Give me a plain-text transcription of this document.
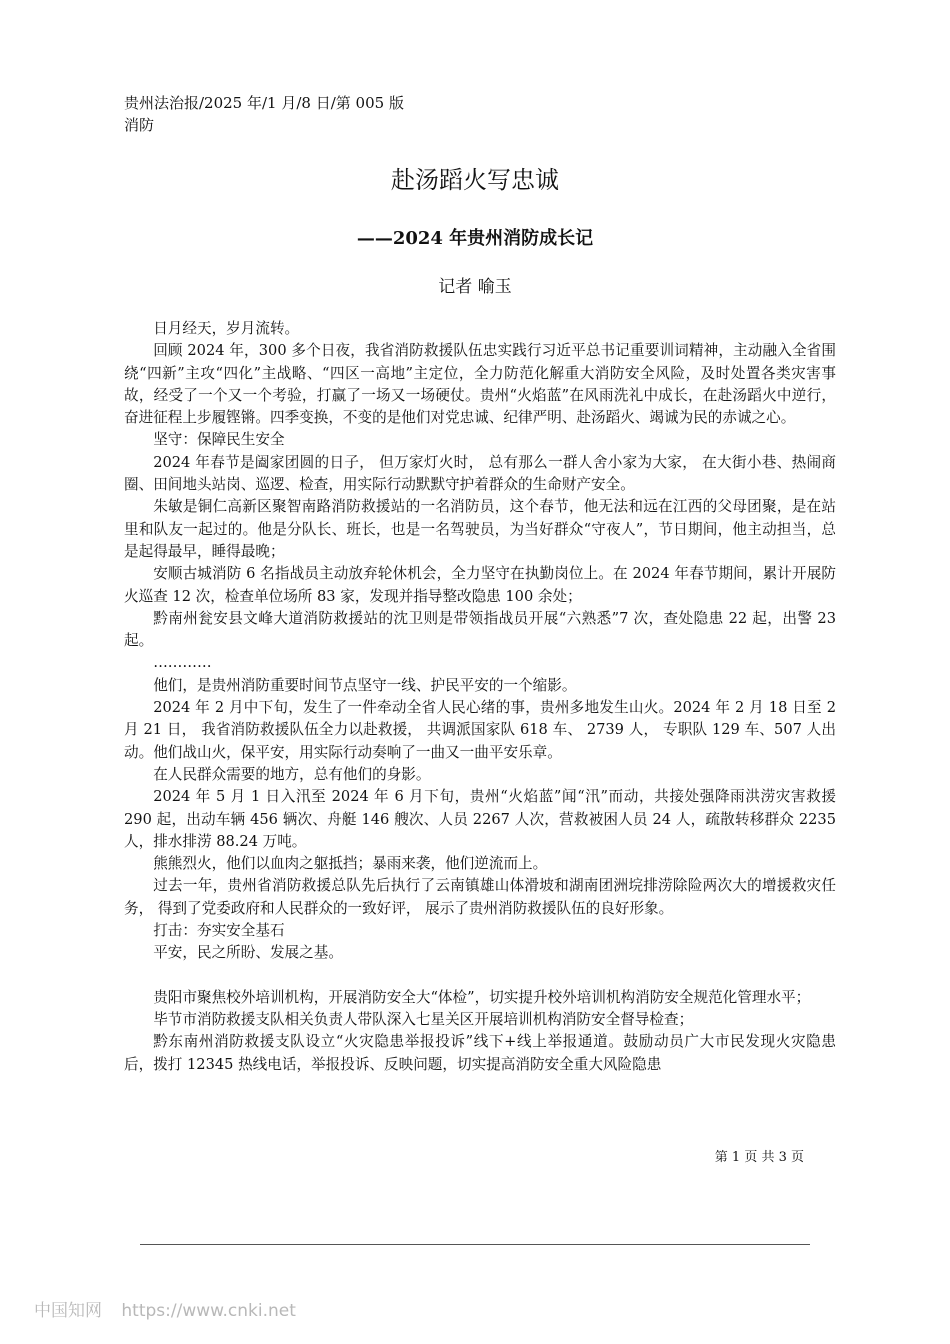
贵州法治报/2025 年/1 月/8 日/第 005 版消防
赴汤蹈火写忠诚
——2024 年贵州消防成长记
记者 喻玉

日月经天，岁月流转。

回顾 2024 年，300 多个日夜，我省消防救援队伍忠实践行习近平总书记重要训词精神，主动融入全省围绕“四新”主攻“四化”主战略、“四区一高地”主定位，全力防范化解重大消防安全风险，及时处置各类灾害事故，经受了一个又一个考验，打赢了一场又一场硬仗。贵州“火焰蓝”在风雨洗礼中成长，在赴汤蹈火中逆行，奋进征程上步履铿锵。四季变换，不变的是他们对党忠诚、纪律严明、赴汤蹈火、竭诚为民的赤诚之心。

坚守：保障民生安全

2024 年春节是阖家团圆的日子， 但万家灯火时， 总有那么一群人舍小家为大家， 在大街小巷、热闹商圈、田间地头站岗、巡逻、检查，用实际行动默默守护着群众的生命财产安全。

朱敏是铜仁高新区聚智南路消防救援站的一名消防员，这个春节，他无法和远在江西的父母团聚，是在站里和队友一起过的。他是分队长、班长，也是一名驾驶员，为当好群众“守夜人”，节日期间，他主动担当，总是起得最早，睡得最晚；

安顺古城消防 6 名指战员主动放弃轮休机会，全力坚守在执勤岗位上。在 2024 年春节期间，累计开展防火巡查 12 次，检查单位场所 83 家，发现并指导整改隐患 100 余处；

黔南州瓮安县文峰大道消防救援站的沈卫则是带领指战员开展“六熟悉”7 次，查处隐患 22 起，出警 23 起。

…………

他们，是贵州消防重要时间节点坚守一线、护民平安的一个缩影。

2024 年 2 月中下旬，发生了一件牵动全省人民心绪的事，贵州多地发生山火。2024 年 2 月 18 日至 2 月 21 日， 我省消防救援队伍全力以赴救援， 共调派国家队 618 车、 2739 人， 专职队 129 车、507 人出动。他们战山火，保平安，用实际行动奏响了一曲又一曲平安乐章。

在人民群众需要的地方，总有他们的身影。

2024 年 5 月 1 日入汛至 2024 年 6 月下旬，贵州“火焰蓝”闻“汛”而动，共接处强降雨洪涝灾害救援 290 起，出动车辆 456 辆次、舟艇 146 艘次、人员 2267 人次，营救被困人员 24 人，疏散转移群众 2235 人，排水排涝 88.24 万吨。

熊熊烈火，他们以血肉之躯抵挡；暴雨来袭，他们逆流而上。

过去一年，贵州省消防救援总队先后执行了云南镇雄山体滑坡和湖南团洲垸排涝除险两次大的增援救灾任务， 得到了党委政府和人民群众的一致好评， 展示了贵州消防救援队伍的良好形象。

打击：夯实安全基石

平安，民之所盼、发展之基。

贵阳市聚焦校外培训机构，开展消防安全大“体检”，切实提升校外培训机构消防安全规范化管理水平；

毕节市消防救援支队相关负责人带队深入七星关区开展培训机构消防安全督导检查；

黔东南州消防救援支队设立“火灾隐患举报投诉”线下+线上举报通道。鼓励动员广大市民发现火灾隐患后，拨打 12345 热线电话，举报投诉、反映问题，切实提高消防安全重大风险隐患

第 1 页 共 3 页
中国知网 https://www.cnki.net
